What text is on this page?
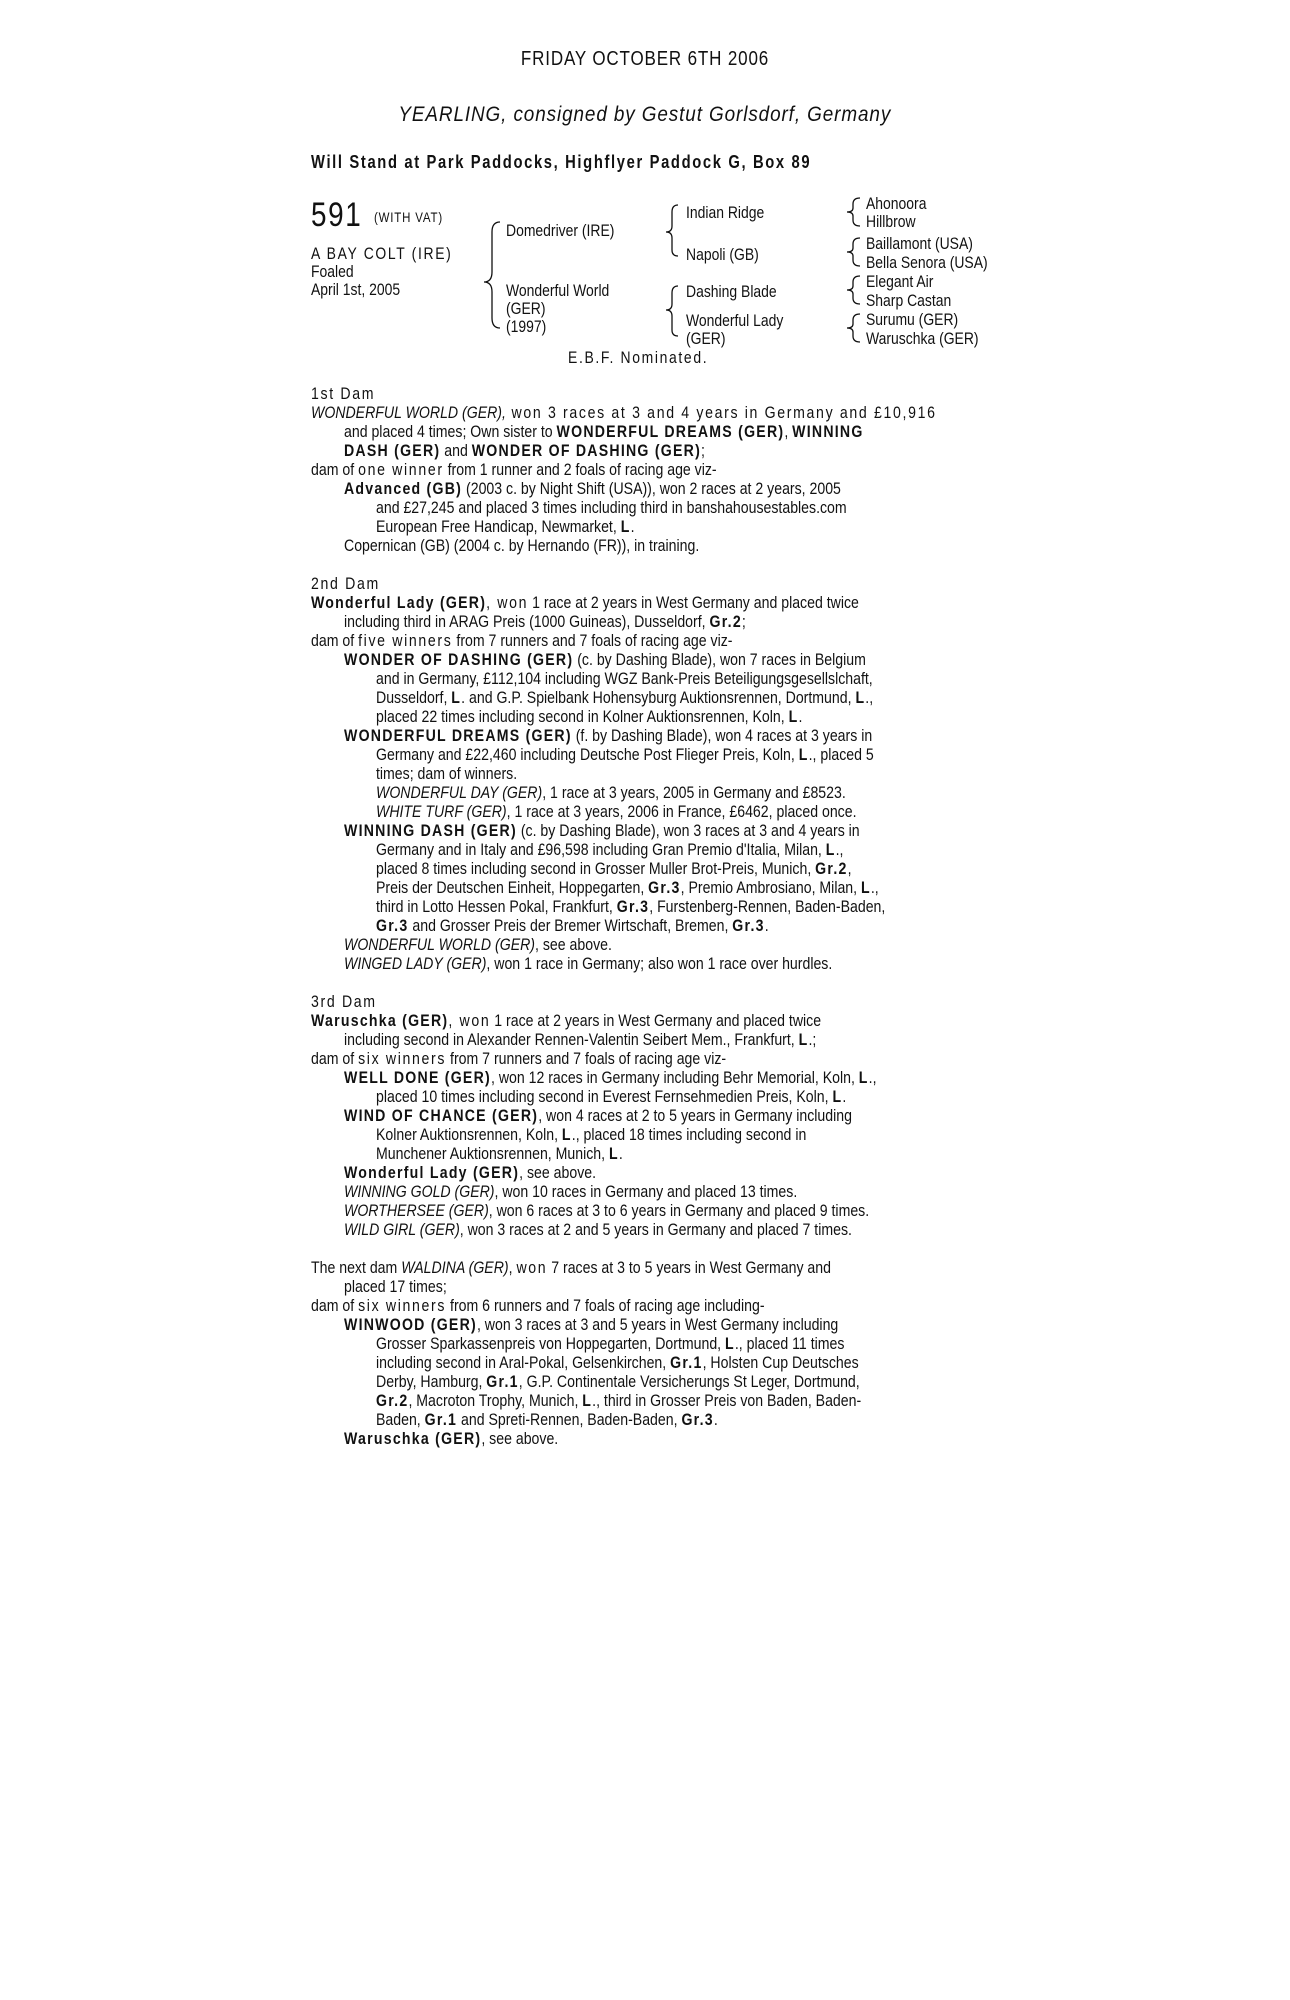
FRIDAY OCTOBER 6TH 2006
YEARLING, consigned by Gestut Gorlsdorf, Germany
Will Stand at Park Paddocks, Highflyer Paddock G, Box 89
591 (WITH VAT)
A BAY COLT (IRE)
Foaled
April 1st, 2005
Domedriver (IRE)
Wonderful World
(GER)
(1997)
Indian Ridge
Napoli (GB)
Dashing Blade
Wonderful Lady
(GER)
Ahonoora
Hillbrow
Baillamont (USA)
Bella Senora (USA)
Elegant Air
Sharp Castan
Surumu (GER)
Waruschka (GER)
E.B.F. Nominated.
1st Dam
WONDERFUL WORLD (GER), won 3 races at 3 and 4 years in Germany and £10,916
and placed 4 times; Own sister to WONDERFUL DREAMS (GER), WINNING
DASH (GER) and WONDER OF DASHING (GER);
dam of one winner from 1 runner and 2 foals of racing age viz-
Advanced (GB) (2003 c. by Night Shift (USA)), won 2 races at 2 years, 2005
and £27,245 and placed 3 times including third in banshahousestables.com
European Free Handicap, Newmarket, L.
Copernican (GB) (2004 c. by Hernando (FR)), in training.
2nd Dam
Wonderful Lady (GER), won 1 race at 2 years in West Germany and placed twice
including third in ARAG Preis (1000 Guineas), Dusseldorf, Gr.2;
dam of five winners from 7 runners and 7 foals of racing age viz-
WONDER OF DASHING (GER) (c. by Dashing Blade), won 7 races in Belgium
and in Germany, £112,104 including WGZ Bank-Preis Beteiligungsgesellslchaft,
Dusseldorf, L. and G.P. Spielbank Hohensyburg Auktionsrennen, Dortmund, L.,
placed 22 times including second in Kolner Auktionsrennen, Koln, L.
WONDERFUL DREAMS (GER) (f. by Dashing Blade), won 4 races at 3 years in
Germany and £22,460 including Deutsche Post Flieger Preis, Koln, L., placed 5
times; dam of winners.
WONDERFUL DAY (GER), 1 race at 3 years, 2005 in Germany and £8523.
WHITE TURF (GER), 1 race at 3 years, 2006 in France, £6462, placed once.
WINNING DASH (GER) (c. by Dashing Blade), won 3 races at 3 and 4 years in
Germany and in Italy and £96,598 including Gran Premio d'Italia, Milan, L.,
placed 8 times including second in Grosser Muller Brot-Preis, Munich, Gr.2,
Preis der Deutschen Einheit, Hoppegarten, Gr.3, Premio Ambrosiano, Milan, L.,
third in Lotto Hessen Pokal, Frankfurt, Gr.3, Furstenberg-Rennen, Baden-Baden,
Gr.3 and Grosser Preis der Bremer Wirtschaft, Bremen, Gr.3.
WONDERFUL WORLD (GER), see above.
WINGED LADY (GER), won 1 race in Germany; also won 1 race over hurdles.
3rd Dam
Waruschka (GER), won 1 race at 2 years in West Germany and placed twice
including second in Alexander Rennen-Valentin Seibert Mem., Frankfurt, L.;
dam of six winners from 7 runners and 7 foals of racing age viz-
WELL DONE (GER), won 12 races in Germany including Behr Memorial, Koln, L.,
placed 10 times including second in Everest Fernsehmedien Preis, Koln, L.
WIND OF CHANCE (GER), won 4 races at 2 to 5 years in Germany including
Kolner Auktionsrennen, Koln, L., placed 18 times including second in
Munchener Auktionsrennen, Munich, L.
Wonderful Lady (GER), see above.
WINNING GOLD (GER), won 10 races in Germany and placed 13 times.
WORTHERSEE (GER), won 6 races at 3 to 6 years in Germany and placed 9 times.
WILD GIRL (GER), won 3 races at 2 and 5 years in Germany and placed 7 times.
The next dam WALDINA (GER), won 7 races at 3 to 5 years in West Germany and
placed 17 times;
dam of six winners from 6 runners and 7 foals of racing age including-
WINWOOD (GER), won 3 races at 3 and 5 years in West Germany including
Grosser Sparkassenpreis von Hoppegarten, Dortmund, L., placed 11 times
including second in Aral-Pokal, Gelsenkirchen, Gr.1, Holsten Cup Deutsches
Derby, Hamburg, Gr.1, G.P. Continentale Versicherungs St Leger, Dortmund,
Gr.2, Macroton Trophy, Munich, L., third in Grosser Preis von Baden, Baden-
Baden, Gr.1 and Spreti-Rennen, Baden-Baden, Gr.3.
Waruschka (GER), see above.
